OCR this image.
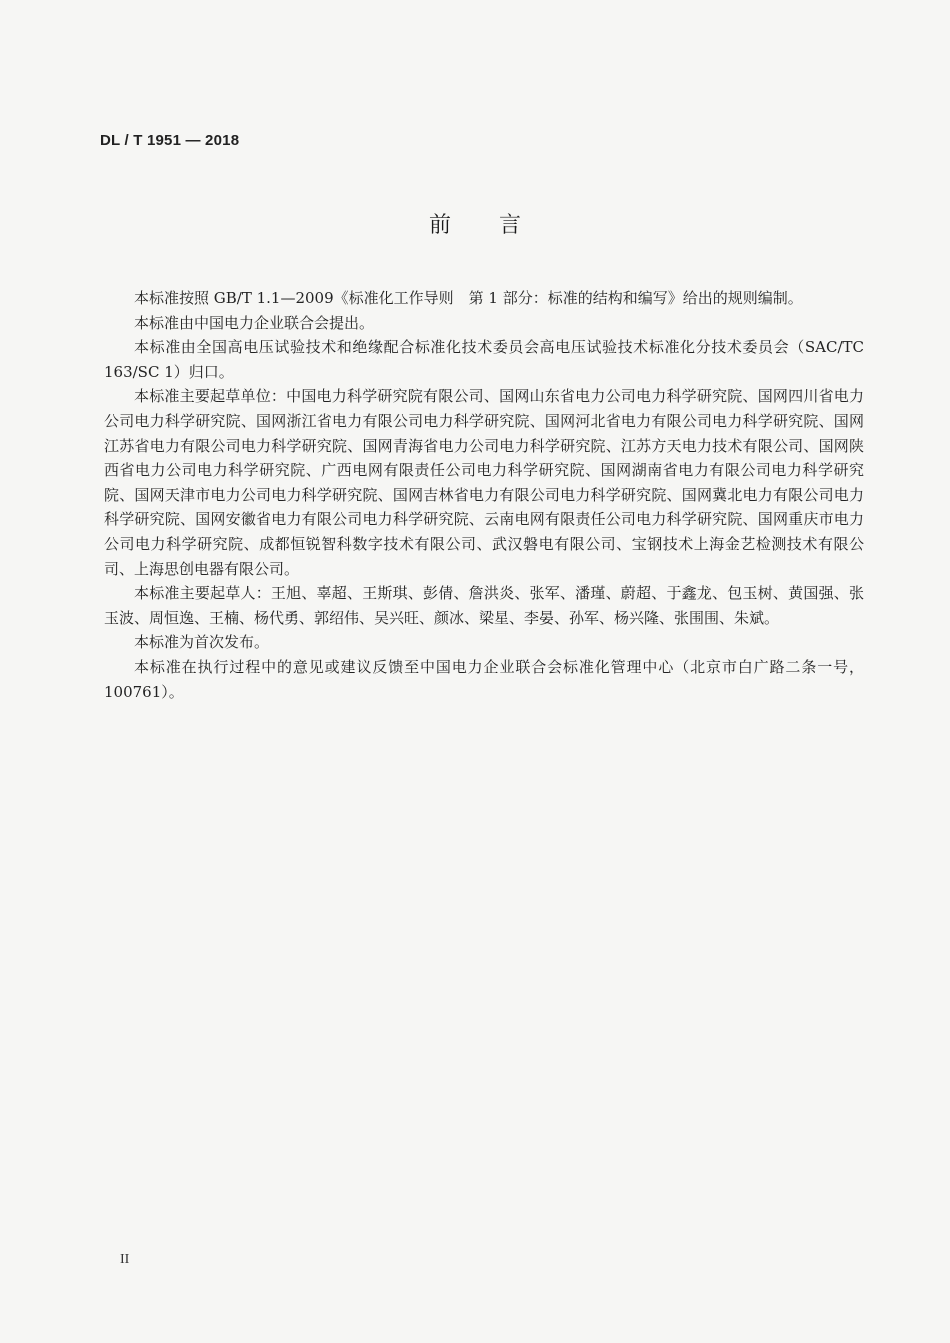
DL / T 1951 — 2018
前言

本标准按照 GB/T 1.1—2009《标准化工作导则　第 1 部分：标准的结构和编写》给出的规则编制。

本标准由中国电力企业联合会提出。

本标准由全国高电压试验技术和绝缘配合标准化技术委员会高电压试验技术标准化分技术委员会（SAC/TC 163/SC 1）归口。

本标准主要起草单位：中国电力科学研究院有限公司、国网山东省电力公司电力科学研究院、国网四川省电力公司电力科学研究院、国网浙江省电力有限公司电力科学研究院、国网河北省电力有限公司电力科学研究院、国网江苏省电力有限公司电力科学研究院、国网青海省电力公司电力科学研究院、江苏方天电力技术有限公司、国网陕西省电力公司电力科学研究院、广西电网有限责任公司电力科学研究院、国网湖南省电力有限公司电力科学研究院、国网天津市电力公司电力科学研究院、国网吉林省电力有限公司电力科学研究院、国网冀北电力有限公司电力科学研究院、国网安徽省电力有限公司电力科学研究院、云南电网有限责任公司电力科学研究院、国网重庆市电力公司电力科学研究院、成都恒锐智科数字技术有限公司、武汉磐电有限公司、宝钢技术上海金艺检测技术有限公司、上海思创电器有限公司。

本标准主要起草人：王旭、辜超、王斯琪、彭倩、詹洪炎、张军、潘瑾、蔚超、于鑫龙、包玉树、黄国强、张玉波、周恒逸、王楠、杨代勇、郭绍伟、吴兴旺、颜冰、梁星、李晏、孙军、杨兴隆、张围围、朱斌。

本标准为首次发布。

本标准在执行过程中的意见或建议反馈至中国电力企业联合会标准化管理中心（北京市白广路二条一号，100761）。

II
